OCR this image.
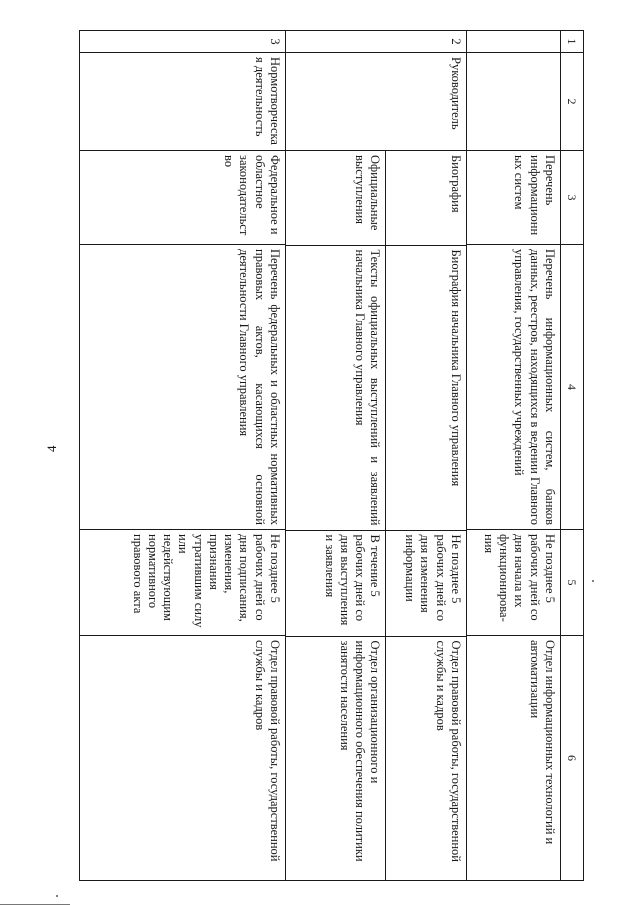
4
1	2	3	4	5	6
		Перечень информационных систем	Перечень информационных систем, банков данных, реестров, находящихся в ведении Главного управления, государственных учреждений	Не позднее 5 рабочих дней со дня начала их функционирова-ния	Отдел информационных технологий и автоматизации
2	Руководитель	
Биография	Биография начальника Главного управления	Не позднее 5 рабочих дней со дня изменения информации	Отдел правовой работы, государственной службы и кадров
Официальные выступления	Тексты официальных выступлений и заявлений начальника Главного управления	В течение 5 рабочих дней со дня выступления и заявления	Отдел организационного и информационного обеспечения политики занятости населения

3	Нормотворческая деятельность	Федеральное и областное законодательство	Перечень федеральных и областных нормативных правовых актов, касающихся основной деятельности Главного управления	Не позднее 5 рабочих дней со дня подписания, изменения, признания утратившим силу или недействующим нормативного правового акта	Отдел правовой работы, государственной службы и кадров
